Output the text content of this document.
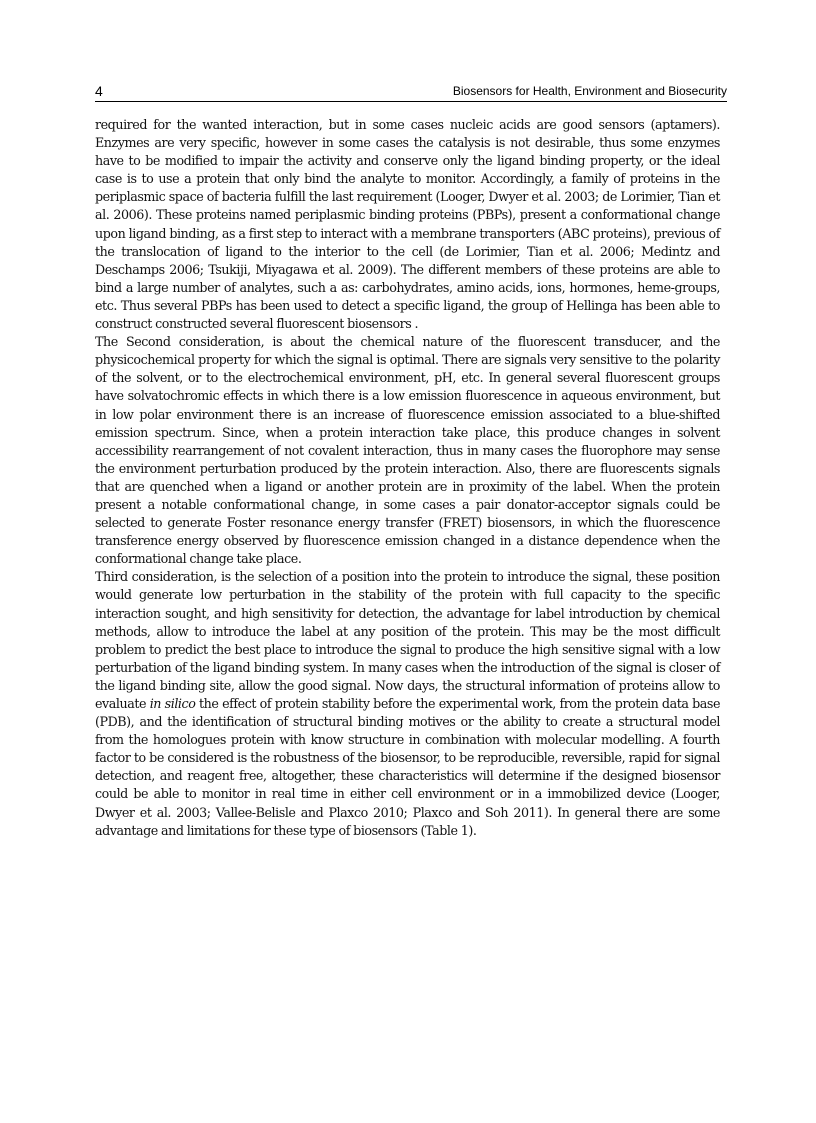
4	Biosensors for Health, Environment and Biosecurity

required for the wanted interaction, but in some cases nucleic acids are good sensors (aptamers). Enzymes are very specific, however in some cases the catalysis is not desirable, thus some enzymes have to be modified to impair the activity and conserve only the ligand binding property, or the ideal case is to use a protein that only bind the analyte to monitor. Accordingly, a family of proteins in the periplasmic space of bacteria fulfill the last requirement (Looger, Dwyer et al. 2003; de Lorimier, Tian et al. 2006). These proteins named periplasmic binding proteins (PBPs), present a conformational change upon ligand binding, as a first step to interact with a membrane transporters (ABC proteins), previous of the translocation of ligand to the interior to the cell (de Lorimier, Tian et al. 2006; Medintz and Deschamps 2006; Tsukiji, Miyagawa et al. 2009). The different members of these proteins are able to bind a large number of analytes, such a as: carbohydrates, amino acids, ions, hormones, heme-groups, etc. Thus several PBPs has been used to detect a specific ligand, the group of Hellinga has been able to construct constructed several fluorescent biosensors .

The Second consideration, is about the chemical nature of the fluorescent transducer, and the physicochemical property for which the signal is optimal. There are signals very sensitive to the polarity of the solvent, or to the electrochemical environment, pH, etc. In general several fluorescent groups have solvatochromic effects in which there is a low emission fluorescence in aqueous environment, but in low polar environment there is an increase of fluorescence emission associated to a blue-shifted emission spectrum. Since, when a protein interaction take place, this produce changes in solvent accessibility rearrangement of not covalent interaction, thus in many cases the fluorophore may sense the environment perturbation produced by the protein interaction. Also, there are fluorescents signals that are quenched when a ligand or another protein are in proximity of the label. When the protein present a notable conformational change, in some cases a pair donator-acceptor signals could be selected to generate Foster resonance energy transfer (FRET) biosensors, in which the fluorescence transference energy observed by fluorescence emission changed in a distance dependence when the conformational change take place.

Third consideration, is the selection of a position into the protein to introduce the signal, these position would generate low perturbation in the stability of the protein with full capacity to the specific interaction sought, and high sensitivity for detection, the advantage for label introduction by chemical methods, allow to introduce the label at any position of the protein. This may be the most difficult problem to predict the best place to introduce the signal to produce the high sensitive signal with a low perturbation of the ligand binding system. In many cases when the introduction of the signal is closer of the ligand binding site, allow the good signal. Now days, the structural information of proteins allow to evaluate in silico the effect of protein stability before the experimental work, from the protein data base (PDB), and the identification of structural binding motives or the ability to create a structural model from the homologues protein with know structure in combination with molecular modelling. A fourth factor to be considered is the robustness of the biosensor, to be reproducible, reversible, rapid for signal detection, and reagent free, altogether, these characteristics will determine if the designed biosensor could be able to monitor in real time in either cell environment or in a immobilized device (Looger, Dwyer et al. 2003; Vallee-Belisle and Plaxco 2010; Plaxco and Soh 2011). In general there are some advantage and limitations for these type of biosensors (Table 1).
